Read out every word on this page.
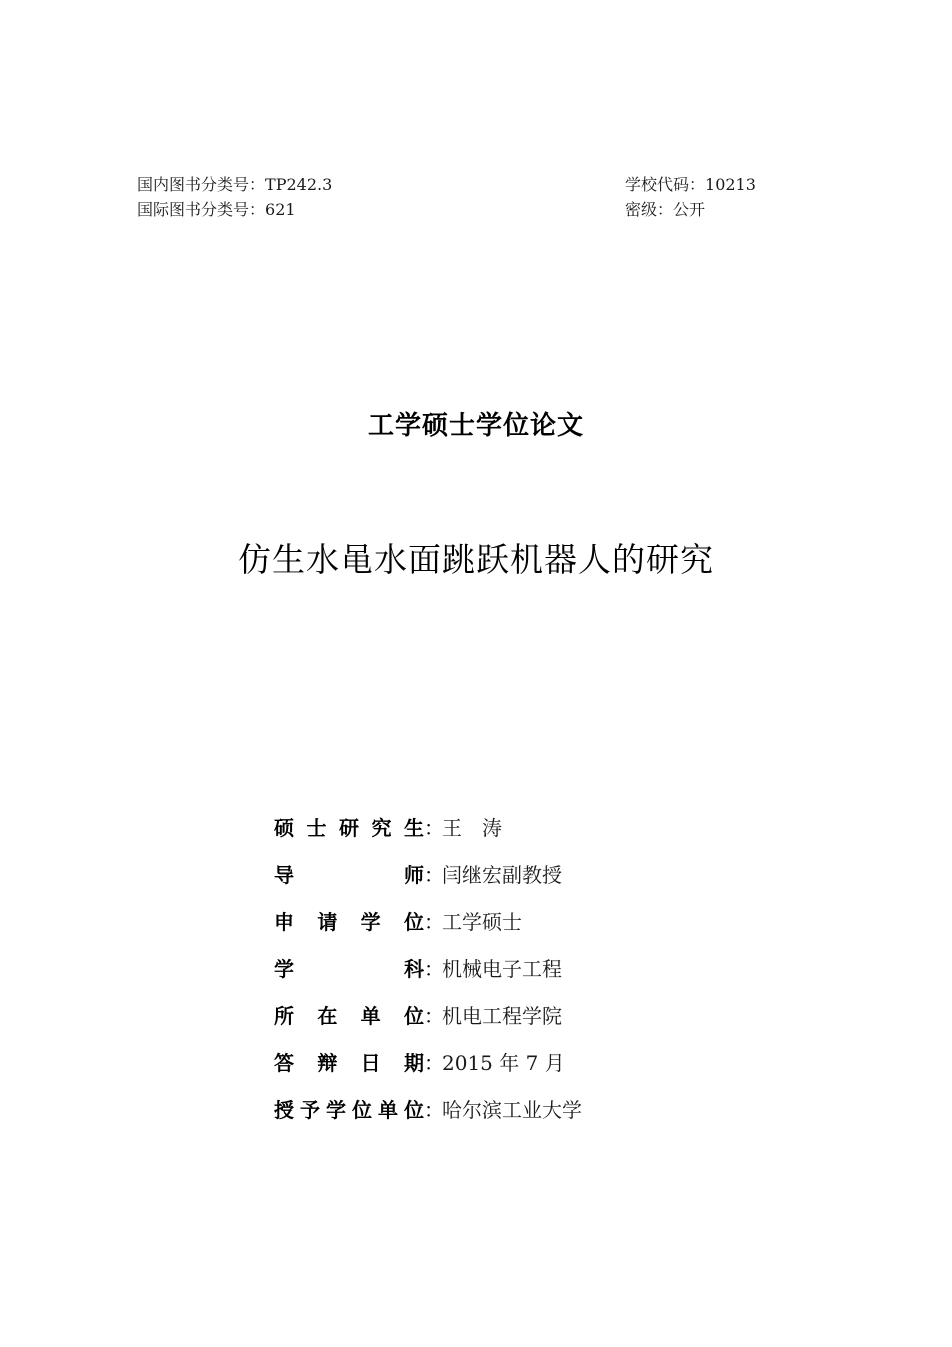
国内图书分类号：TP242.3
国际图书分类号：621
学校代码：10213
密级：公开
工学硕士学位论文
仿生水黾水面跳跃机器人的研究
硕 士 研 究 生 ：
王　涛
导	师 ：
闫继宏副教授
申 请 学 位 ：
工学硕士
学	科 ：
机械电子工程
所 在 单 位 ：
机电工程学院
答 辩 日 期 ：
2015 年 7 月
授 予 学 位 单 位 ：
哈尔滨工业大学
